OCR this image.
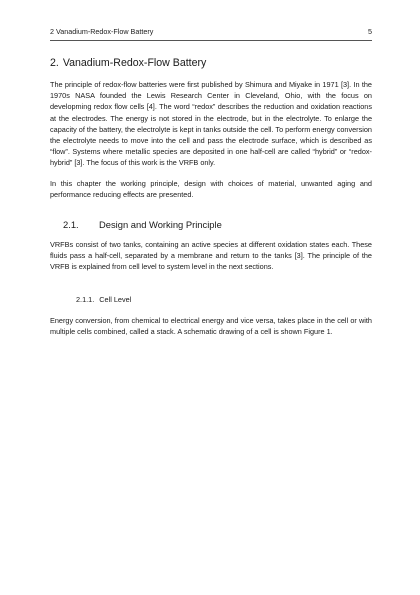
2 Vanadium-Redox-Flow Battery	5
2. Vanadium-Redox-Flow Battery

The principle of redox-flow batteries were first published by Shimura and Miyake in 1971 [3]. In the 1970s NASA founded the Lewis Research Center in Cleveland, Ohio, with the focus on developming redox flow cells [4]. The word “redox” describes the reduction and oxidation reactions at the electrodes. The energy is not stored in the electrode, but in the electrolyte. To enlarge the capacity of the battery, the electrolyte is kept in tanks outside the cell. To perform energy conversion the electrolyte needs to move into the cell and pass the electrode surface, which is described as “flow”. Systems where metallic species are deposited in one half-cell are called “hybrid” or “redox-hybrid” [3]. The focus of this work is the VRFB only.

In this chapter the working principle, design with choices of material, unwanted aging and performance reducing effects are presented.

2.1. Design and Working Principle

VRFBs consist of two tanks, containing an active species at different oxidation states each. These fluids pass a half-cell, separated by a membrane and return to the tanks [3]. The principle of the VRFB is explained from cell level to system level in the next sections.

2.1.1. Cell Level

Energy conversion, from chemical to electrical energy and vice versa, takes place in the cell or with multiple cells combined, called a stack. A schematic drawing of a cell is shown Figure 1.
